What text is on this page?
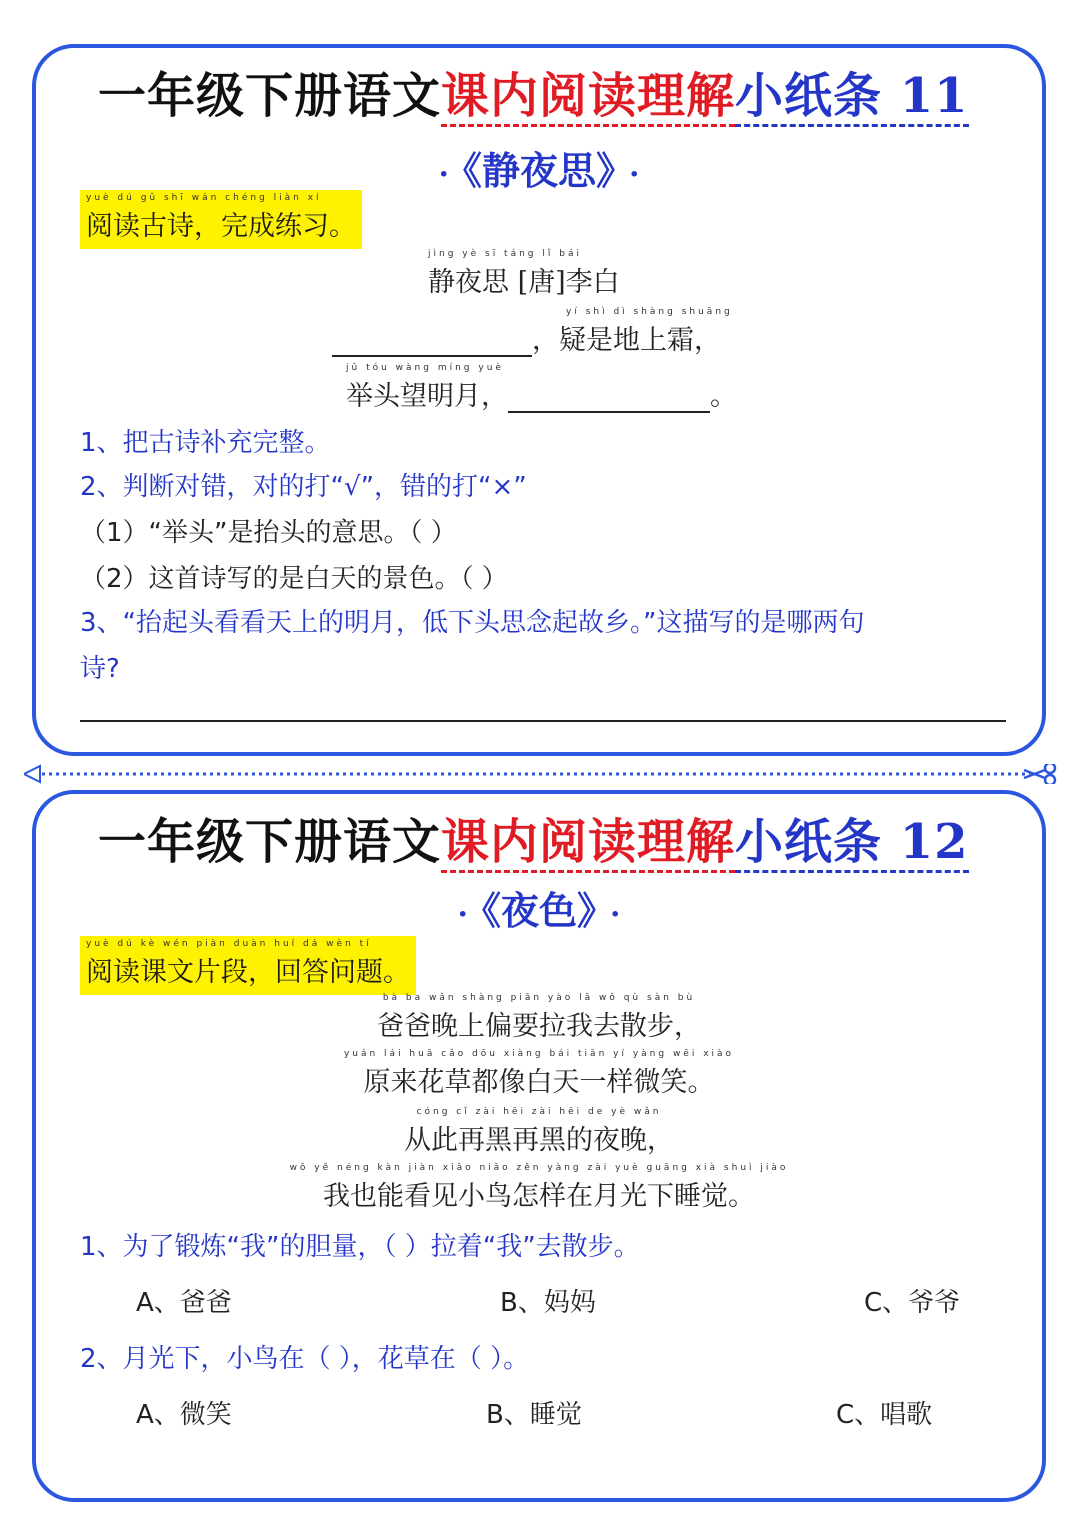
一年级下册语文课内阅读理解小纸条 11
· 《静夜思》 ·
yuè dú gǔ shī wán chéng liàn xí
阅读古诗，完成练习。
jìng yè sī táng lǐ bái
静夜思 [唐]李白
yí shì dì shàng shuāng
，疑是地上霜，
jǔ tóu wàng míng yuè
举头望明月，	。
1、把古诗补充完整。
2、判断对错，对的打“√”，错的打“×”
（1）“举头”是抬头的意思。（ ）
（2）这首诗写的是白天的景色。（ ）
3、“抬起头看看天上的明月，低下头思念起故乡。”这描写的是哪两句
诗?
一年级下册语文课内阅读理解小纸条 12
· 《夜色》 ·
yuè dú kè wén piàn duàn huí dá wèn tí
阅读课文片段，回答问题。
bà ba wǎn shàng piān yào lā wǒ qù sàn bù
爸爸晚上偏要拉我去散步，
yuán lái huā cǎo dōu xiàng bái tiān yí yàng wēi xiào
原来花草都像白天一样微笑。
cóng cǐ zài hēi zài hēi de yè wǎn
从此再黑再黑的夜晚，
wǒ yě néng kàn jiàn xiǎo niǎo zěn yàng zài yuè guāng xià shuì jiào
我也能看见小鸟怎样在月光下睡觉。
1、为了锻炼“我”的胆量，（ ）拉着“我”去散步。
A、爸爸	B、妈妈	C、爷爷
2、月光下，小鸟在（ ），花草在（ ）。
A、微笑	B、睡觉	C、唱歌
